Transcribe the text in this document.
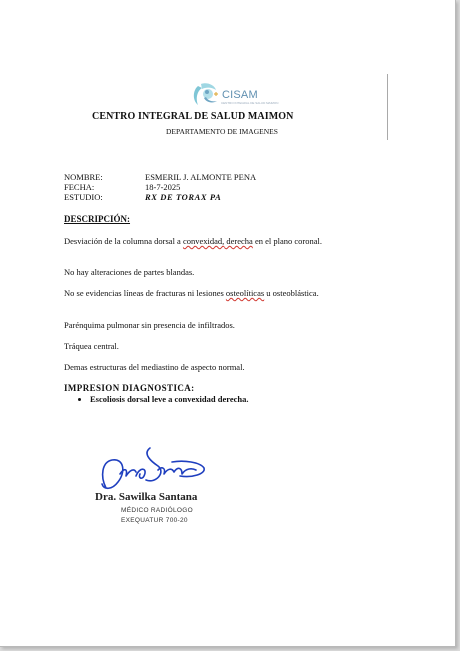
CISAM
CENTRO INTEGRAL DE SALUD MAIMON
CENTRO INTEGRAL DE SALUD MAIMON
DEPARTAMENTO DE IMAGENES
NOMBRE:	ESMERIL J. ALMONTE PENA
FECHA:	18-7-2025
ESTUDIO:	RX DE TORAX PA
DESCRIPCIÓN:

Desviación de la columna dorsal a convexidad, derecha en el plano coronal.

No hay alteraciones de partes blandas.

No se evidencias líneas de fracturas ni lesiones osteolíticas u osteoblástica.

Parénquima pulmonar sin presencia de infiltrados.

Tráquea central.

Demas estructuras del mediastino de aspecto normal.

IMPRESION DIAGNOSTICA:
• Escoliosis dorsal leve a convexidad derecha.
Dra. Sawilka Santana
MÉDICO RADIÓLOGO
EXEQUATUR 700-20
